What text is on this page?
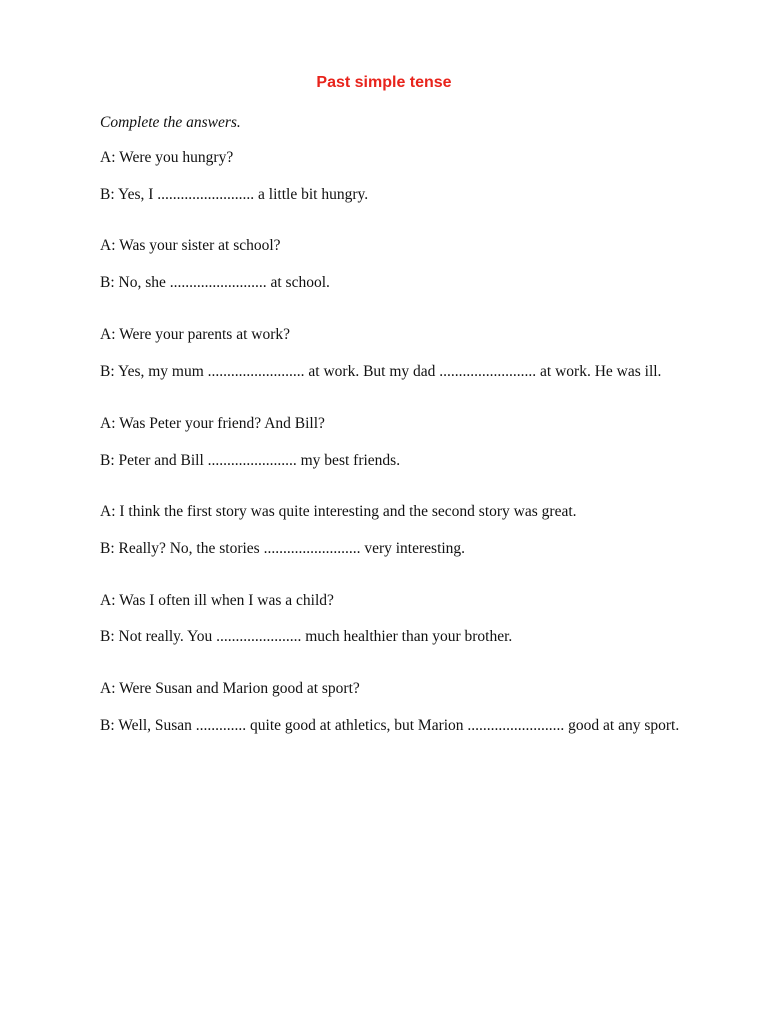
Past simple tense
Complete the answers.
A: Were you hungry?
B: Yes, I ......................... a little bit hungry.
A: Was your sister at school?
B: No, she ......................... at school.
A: Were your parents at work?
B: Yes, my mum ......................... at work. But my dad ......................... at work. He was ill.
A: Was Peter your friend? And Bill?
B: Peter and Bill ....................... my best friends.
A: I think the first story was quite interesting and the second story was great.
B: Really? No, the stories ......................... very interesting.
A: Was I often ill when I was a child?
B: Not really. You ...................... much healthier than your brother.
A: Were Susan and Marion good at sport?
B: Well, Susan ............. quite good at athletics, but Marion ......................... good at any sport.
